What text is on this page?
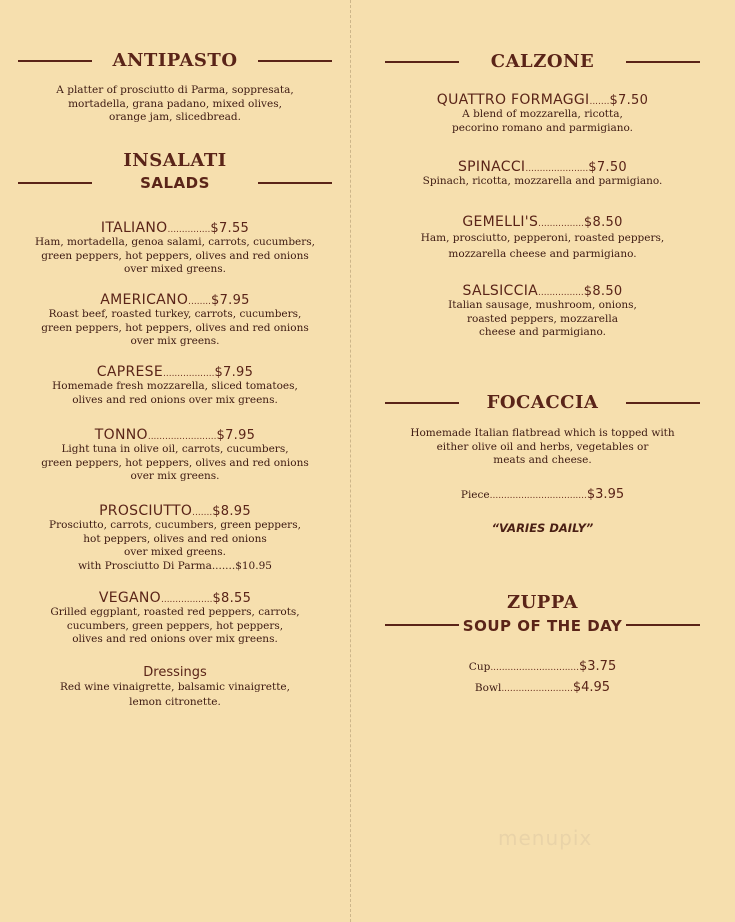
ANTIPASTO
A platter of prosciutto di Parma, soppresata,
mortadella, grana padano, mixed olives,
orange jam, slicedbread.
INSALATI
SALADS
ITALIANO ............... $7.55
Ham, mortadella, genoa salami, carrots, cucumbers,
green peppers, hot peppers, olives and red onions
over mixed greens.
AMERICANO ........ $7.95
Roast beef, roasted turkey, carrots, cucumbers,
green peppers, hot peppers, olives and red onions
over mix greens.
CAPRESE .................. $7.95
Homemade fresh mozzarella, sliced tomatoes,
olives and red onions over mix greens.
TONNO ........................ $7.95
Light tuna in olive oil, carrots, cucumbers,
green peppers, hot peppers, olives and red onions
over mix greens.
PROSCIUTTO ....... $8.95
Prosciutto, carrots, cucumbers, green peppers,
hot peppers, olives and red onions
over mixed greens.
with Prosciutto Di Parma.......$10.95
VEGANO .................. $8.55
Grilled eggplant, roasted red peppers, carrots,
cucumbers, green peppers, hot peppers,
olives and red onions over mix greens.
Dressings
Red wine vinaigrette, balsamic vinaigrette,
lemon citronette.
CALZONE
QUATTRO FORMAGGI ....... $7.50
A blend of mozzarella, ricotta,
pecorino romano and parmigiano.
SPINACCI ...................... $7.50
Spinach, ricotta, mozzarella and parmigiano.
GEMELLI'S ................ $8.50
Ham, prosciutto, pepperoni, roasted peppers,
mozzarella cheese and parmigiano.
SALSICCIA ................ $8.50
Italian sausage, mushroom, onions,
roasted peppers, mozzarella
cheese and parmigiano.
FOCACCIA
Homemade Italian flatbread which is topped with
either olive oil and herbs, vegetables or
meats and cheese.
Piece .................................. $3.95
“VARIES DAILY”
ZUPPA
SOUP OF THE DAY
Cup ............................... $3.75
Bowl ......................... $4.95
menupix
